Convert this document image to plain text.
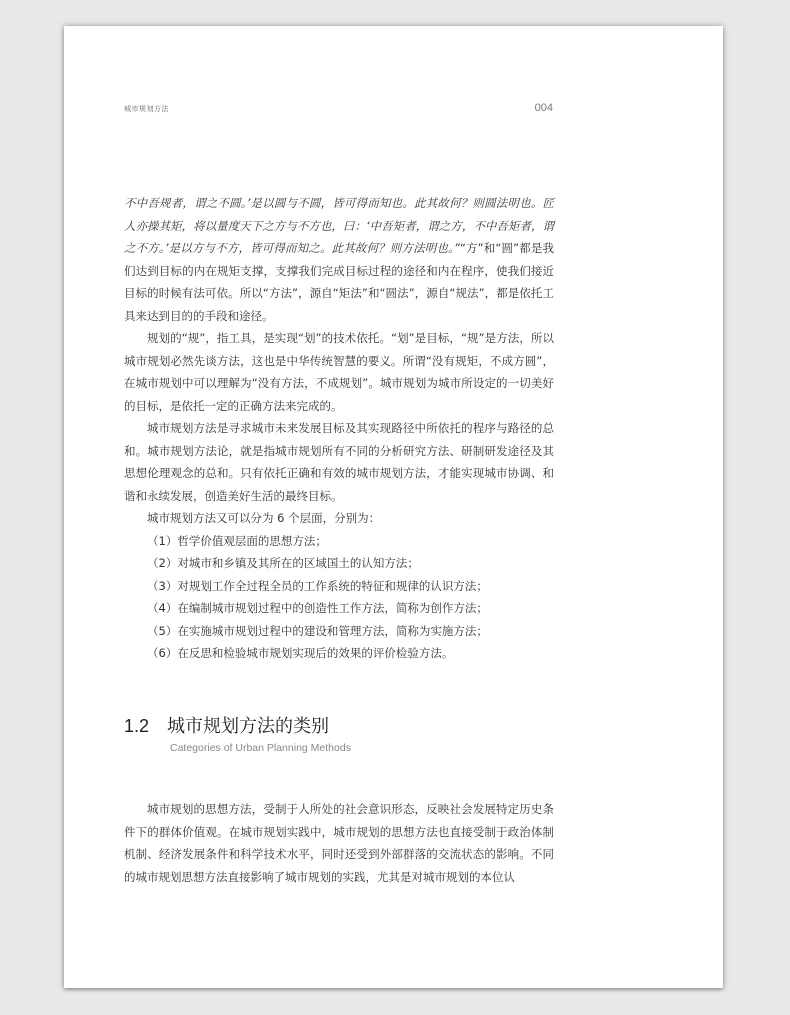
城市规划方法	004

不中吾规者，谓之不圆。’是以圆与不圆，皆可得而知也。此其故何？则圆法明也。匠人亦操其矩，将以量度天下之方与不方也，曰：‘中吾矩者，谓之方，不中吾矩者，谓之不方。’是以方与不方，皆可得而知之。此其故何？则方法明也。”“方”和“圆”都是我们达到目标的内在规矩支撑，支撑我们完成目标过程的途径和内在程序，使我们接近目标的时候有法可依。所以“方法”，源自“矩法”和“圆法”，源自“规法”，都是依托工具来达到目的的手段和途径。

规划的“规”，指工具，是实现“划”的技术依托。“划”是目标，“规”是方法，所以城市规划必然先谈方法，这也是中华传统智慧的要义。所谓“没有规矩，不成方圆”，在城市规划中可以理解为“没有方法，不成规划”。城市规划为城市所设定的一切美好的目标，是依托一定的正确方法来完成的。

城市规划方法是寻求城市未来发展目标及其实现路径中所依托的程序与路径的总和。城市规划方法论，就是指城市规划所有不同的分析研究方法、研制研发途径及其思想伦理观念的总和。只有依托正确和有效的城市规划方法，才能实现城市协调、和谐和永续发展，创造美好生活的最终目标。

城市规划方法又可以分为 6 个层面，分别为：

（1）哲学价值观层面的思想方法；

（2）对城市和乡镇及其所在的区域国土的认知方法；

（3）对规划工作全过程全员的工作系统的特征和规律的认识方法；

（4）在编制城市规划过程中的创造性工作方法，简称为创作方法；

（5）在实施城市规划过程中的建设和管理方法，简称为实施方法；

（6）在反思和检验城市规划实现后的效果的评价检验方法。

1.2 城市规划方法的类别
Categories of Urban Planning Methods

城市规划的思想方法，受制于人所处的社会意识形态，反映社会发展特定历史条件下的群体价值观。在城市规划实践中，城市规划的思想方法也直接受制于政治体制机制、经济发展条件和科学技术水平，同时还受到外部群落的交流状态的影响。不同的城市规划思想方法直接影响了城市规划的实践，尤其是对城市规划的本位认
